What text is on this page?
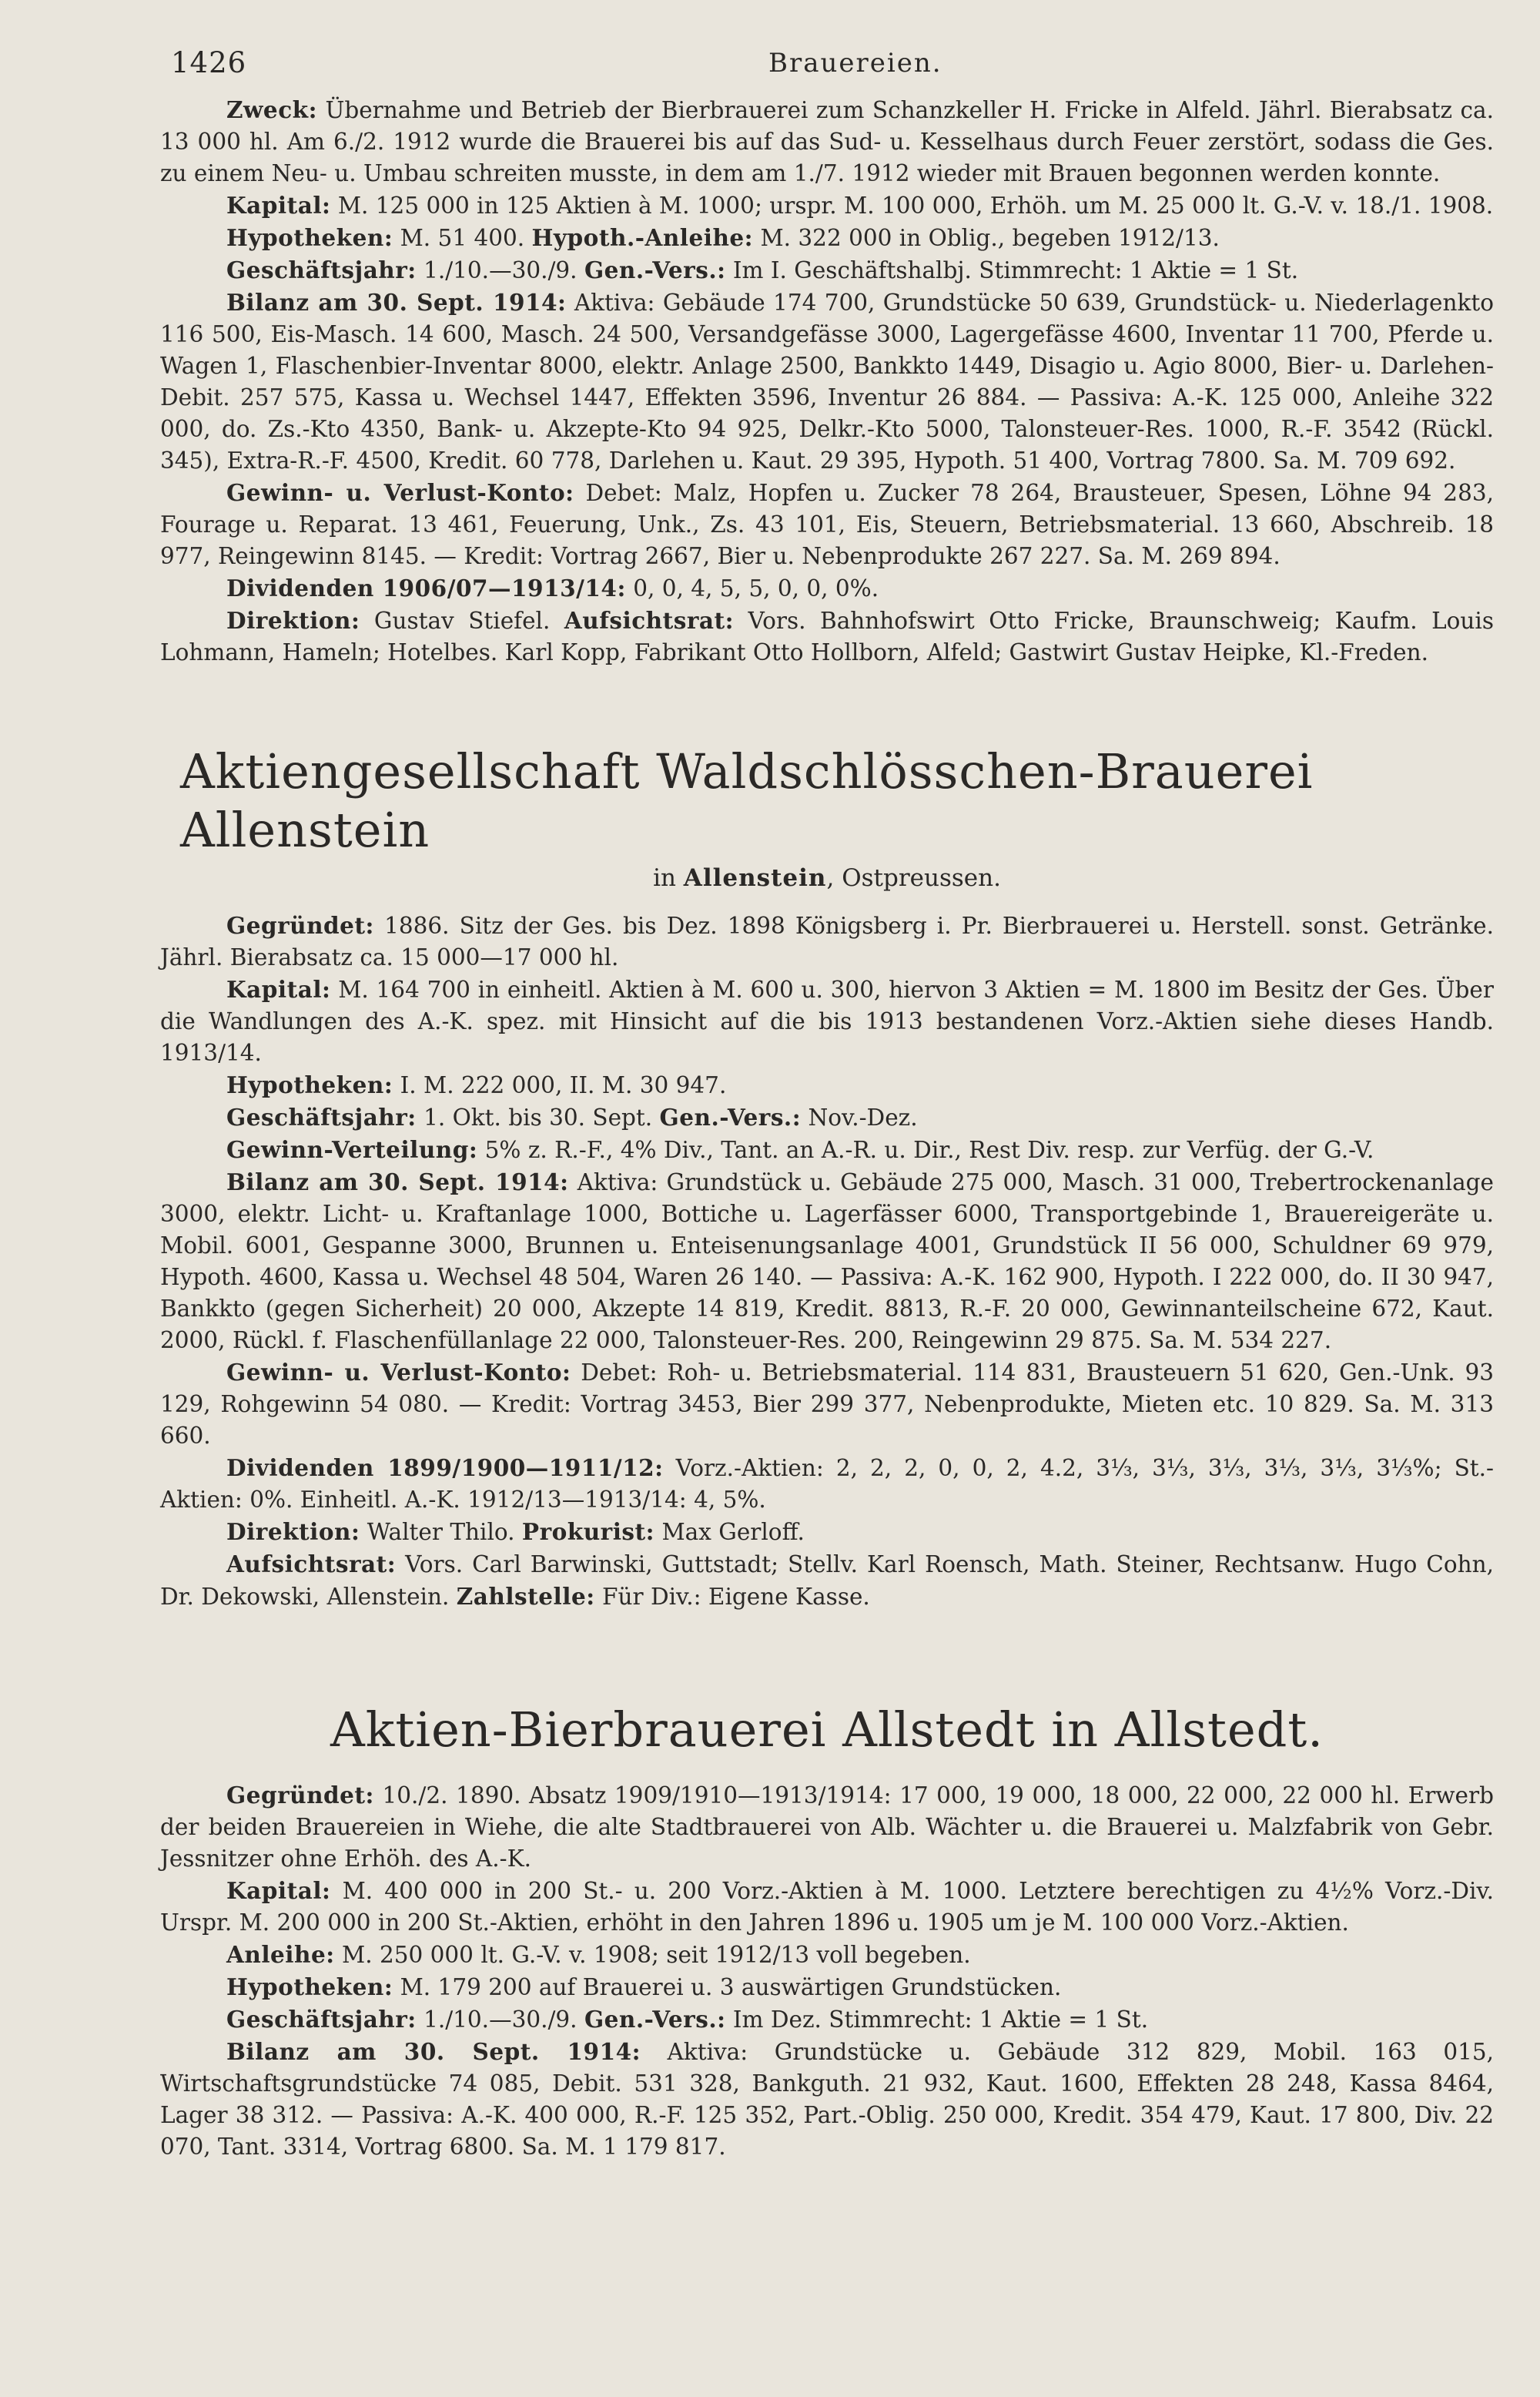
1426	Brauereien.

Zweck: Übernahme und Betrieb der Bierbrauerei zum Schanzkeller H. Fricke in Alfeld. Jährl. Bierabsatz ca. 13 000 hl. Am 6./2. 1912 wurde die Brauerei bis auf das Sud- u. Kesselhaus durch Feuer zerstört, sodass die Ges. zu einem Neu- u. Umbau schreiten musste, in dem am 1./7. 1912 wieder mit Brauen begonnen werden konnte.

Kapital: M. 125 000 in 125 Aktien à M. 1000; urspr. M. 100 000, Erhöh. um M. 25 000 lt. G.-V. v. 18./1. 1908.

Hypotheken: M. 51 400. Hypoth.-Anleihe: M. 322 000 in Oblig., begeben 1912/13.

Geschäftsjahr: 1./10.—30./9. Gen.-Vers.: Im I. Geschäftshalbj. Stimmrecht: 1 Aktie = 1 St.

Bilanz am 30. Sept. 1914: Aktiva: Gebäude 174 700, Grundstücke 50 639, Grundstück- u. Niederlagenkto 116 500, Eis-Masch. 14 600, Masch. 24 500, Versandgefässe 3000, Lagergefässe 4600, Inventar 11 700, Pferde u. Wagen 1, Flaschenbier-Inventar 8000, elektr. Anlage 2500, Bankkto 1449, Disagio u. Agio 8000, Bier- u. Darlehen-Debit. 257 575, Kassa u. Wechsel 1447, Effekten 3596, Inventur 26 884. — Passiva: A.-K. 125 000, Anleihe 322 000, do. Zs.-Kto 4350, Bank- u. Akzepte-Kto 94 925, Delkr.-Kto 5000, Talonsteuer-Res. 1000, R.-F. 3542 (Rückl. 345), Extra-R.-F. 4500, Kredit. 60 778, Darlehen u. Kaut. 29 395, Hypoth. 51 400, Vortrag 7800. Sa. M. 709 692.

Gewinn- u. Verlust-Konto: Debet: Malz, Hopfen u. Zucker 78 264, Brausteuer, Spesen, Löhne 94 283, Fourage u. Reparat. 13 461, Feuerung, Unk., Zs. 43 101, Eis, Steuern, Betriebsmaterial. 13 660, Abschreib. 18 977, Reingewinn 8145. — Kredit: Vortrag 2667, Bier u. Nebenprodukte 267 227. Sa. M. 269 894.

Dividenden 1906/07—1913/14: 0, 0, 4, 5, 5, 0, 0, 0%.

Direktion: Gustav Stiefel. Aufsichtsrat: Vors. Bahnhofswirt Otto Fricke, Braunschweig; Kaufm. Louis Lohmann, Hameln; Hotelbes. Karl Kopp, Fabrikant Otto Hollborn, Alfeld; Gastwirt Gustav Heipke, Kl.-Freden.

Aktiengesellschaft Waldschlösschen-Brauerei Allenstein
in Allenstein, Ostpreussen.

Gegründet: 1886. Sitz der Ges. bis Dez. 1898 Königsberg i. Pr. Bierbrauerei u. Herstell. sonst. Getränke. Jährl. Bierabsatz ca. 15 000—17 000 hl.

Kapital: M. 164 700 in einheitl. Aktien à M. 600 u. 300, hiervon 3 Aktien = M. 1800 im Besitz der Ges. Über die Wandlungen des A.-K. spez. mit Hinsicht auf die bis 1913 bestandenen Vorz.-Aktien siehe dieses Handb. 1913/14.

Hypotheken: I. M. 222 000, II. M. 30 947.

Geschäftsjahr: 1. Okt. bis 30. Sept. Gen.-Vers.: Nov.-Dez.

Gewinn-Verteilung: 5% z. R.-F., 4% Div., Tant. an A.-R. u. Dir., Rest Div. resp. zur Verfüg. der G.-V.

Bilanz am 30. Sept. 1914: Aktiva: Grundstück u. Gebäude 275 000, Masch. 31 000, Trebertrockenanlage 3000, elektr. Licht- u. Kraftanlage 1000, Bottiche u. Lagerfässer 6000, Transportgebinde 1, Brauereigeräte u. Mobil. 6001, Gespanne 3000, Brunnen u. Enteisenungsanlage 4001, Grundstück II 56 000, Schuldner 69 979, Hypoth. 4600, Kassa u. Wechsel 48 504, Waren 26 140. — Passiva: A.-K. 162 900, Hypoth. I 222 000, do. II 30 947, Bankkto (gegen Sicherheit) 20 000, Akzepte 14 819, Kredit. 8813, R.-F. 20 000, Gewinnanteilscheine 672, Kaut. 2000, Rückl. f. Flaschenfüllanlage 22 000, Talonsteuer-Res. 200, Reingewinn 29 875. Sa. M. 534 227.

Gewinn- u. Verlust-Konto: Debet: Roh- u. Betriebsmaterial. 114 831, Brausteuern 51 620, Gen.-Unk. 93 129, Rohgewinn 54 080. — Kredit: Vortrag 3453, Bier 299 377, Nebenprodukte, Mieten etc. 10 829. Sa. M. 313 660.

Dividenden 1899/1900—1911/12: Vorz.-Aktien: 2, 2, 2, 0, 0, 2, 4.2, 3⅓, 3⅓, 3⅓, 3⅓, 3⅓, 3⅓%; St.-Aktien: 0%. Einheitl. A.-K. 1912/13—1913/14: 4, 5%.

Direktion: Walter Thilo. Prokurist: Max Gerloff.

Aufsichtsrat: Vors. Carl Barwinski, Guttstadt; Stellv. Karl Roensch, Math. Steiner, Rechtsanw. Hugo Cohn, Dr. Dekowski, Allenstein. Zahlstelle: Für Div.: Eigene Kasse.

Aktien-Bierbrauerei Allstedt in Allstedt.

Gegründet: 10./2. 1890. Absatz 1909/1910—1913/1914: 17 000, 19 000, 18 000, 22 000, 22 000 hl. Erwerb der beiden Brauereien in Wiehe, die alte Stadtbrauerei von Alb. Wächter u. die Brauerei u. Malzfabrik von Gebr. Jessnitzer ohne Erhöh. des A.-K.

Kapital: M. 400 000 in 200 St.- u. 200 Vorz.-Aktien à M. 1000. Letztere berechtigen zu 4½% Vorz.-Div. Urspr. M. 200 000 in 200 St.-Aktien, erhöht in den Jahren 1896 u. 1905 um je M. 100 000 Vorz.-Aktien.

Anleihe: M. 250 000 lt. G.-V. v. 1908; seit 1912/13 voll begeben.

Hypotheken: M. 179 200 auf Brauerei u. 3 auswärtigen Grundstücken.

Geschäftsjahr: 1./10.—30./9. Gen.-Vers.: Im Dez. Stimmrecht: 1 Aktie = 1 St.

Bilanz am 30. Sept. 1914: Aktiva: Grundstücke u. Gebäude 312 829, Mobil. 163 015, Wirtschaftsgrundstücke 74 085, Debit. 531 328, Bankguth. 21 932, Kaut. 1600, Effekten 28 248, Kassa 8464, Lager 38 312. — Passiva: A.-K. 400 000, R.-F. 125 352, Part.-Oblig. 250 000, Kredit. 354 479, Kaut. 17 800, Div. 22 070, Tant. 3314, Vortrag 6800. Sa. M. 1 179 817.
